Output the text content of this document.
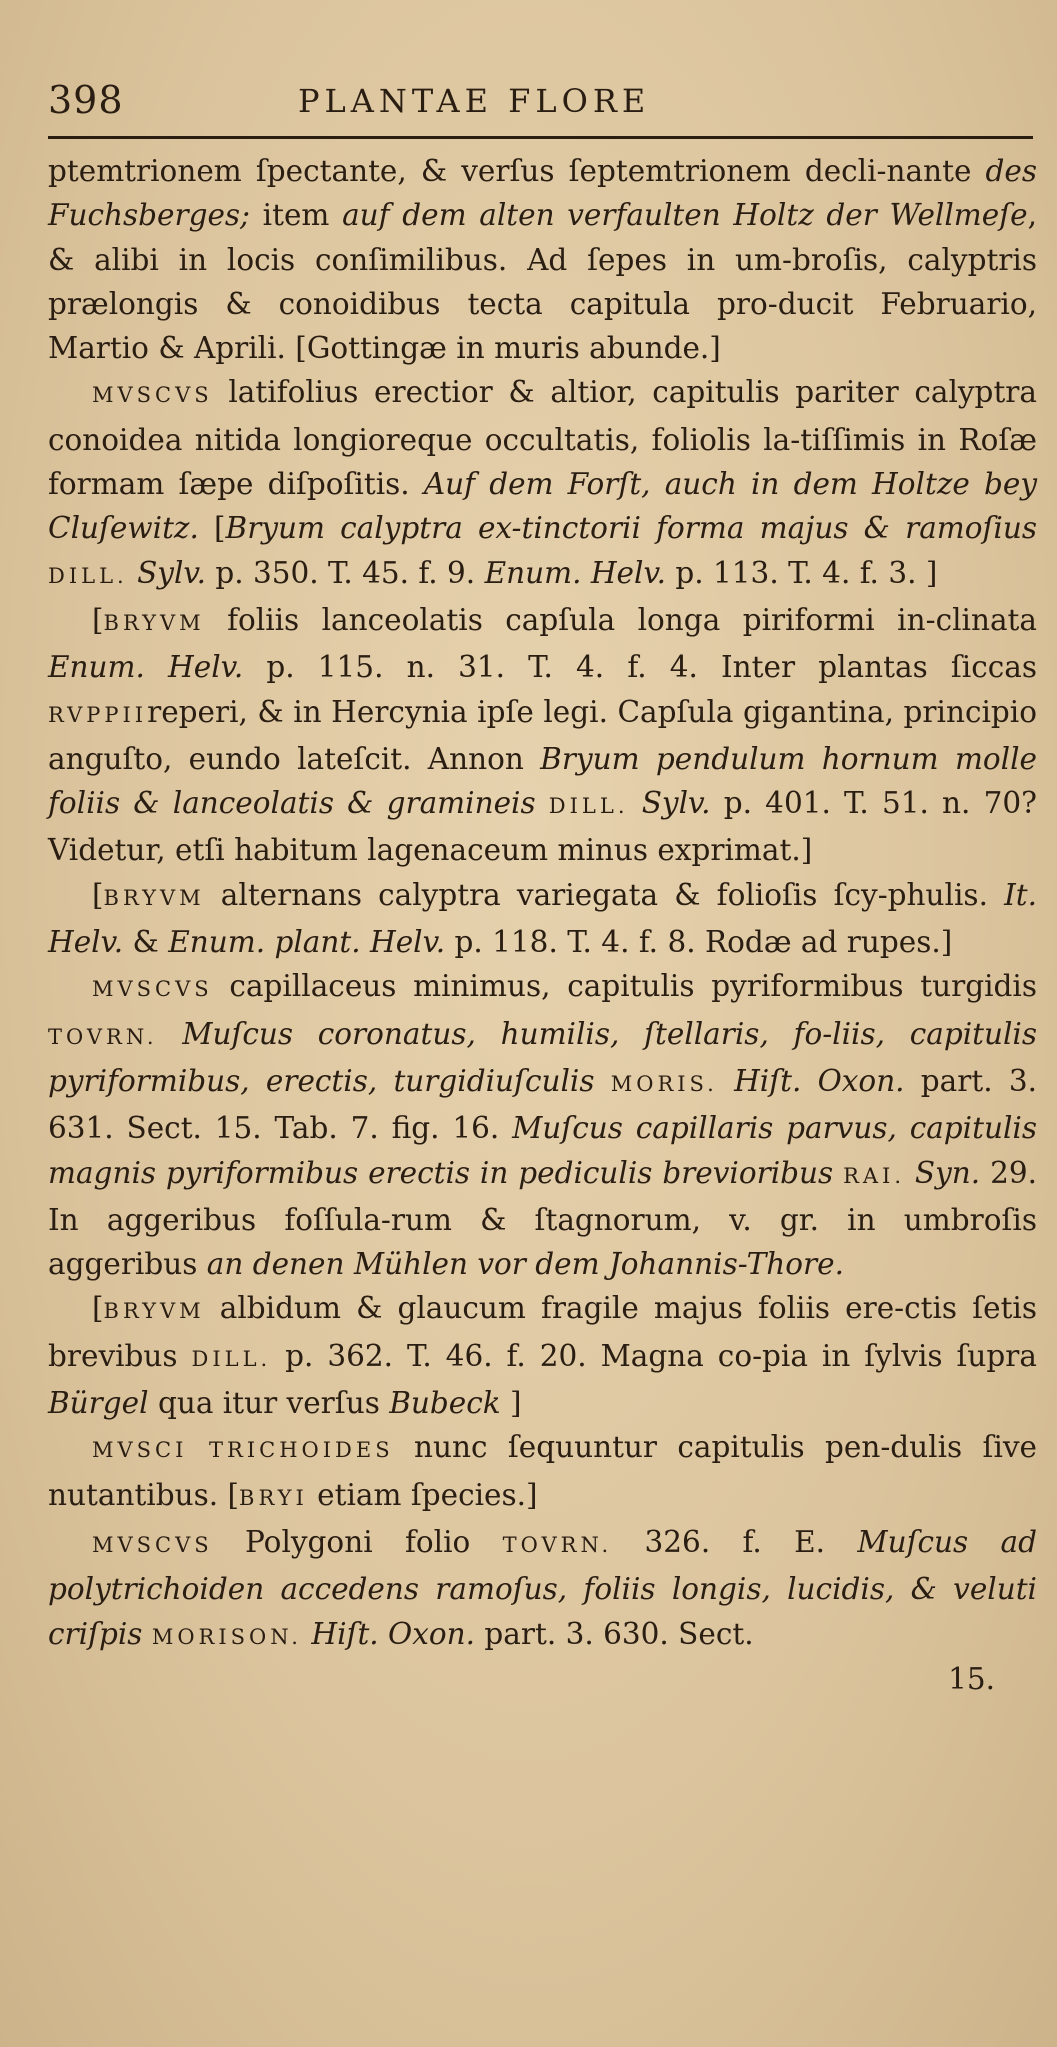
398	PLANTAE FLORE

ptemtrionem ſpectante, & verſus ſeptemtrionem decli-nante des Fuchsberges; item auf dem alten verfaulten Holtz der Wellmeſe, & alibi in locis conſimilibus. Ad ſepes in um-broſis, calyptris prælongis & conoidibus tecta capitula pro-ducit Februario, Martio & Aprili. [Gottingæ in muris abunde.]

MVSCVS latifolius erectior & altior, capitulis pariter calyptra conoidea nitida longioreque occultatis, foliolis la-tiſſimis in Roſæ formam ſæpe diſpoſitis. Auf dem Forſt, auch in dem Holtze bey Cluſewitz. [Bryum calyptra ex-tinctorii forma majus & ramoſius DILL. Sylv. p. 350. T. 45. f. 9. Enum. Helv. p. 113. T. 4. f. 3. ]

[BRYVM foliis lanceolatis capſula longa piriformi in-clinata Enum. Helv. p. 115. n. 31. T. 4. f. 4. Inter plantas ſiccas RVPPIIreperi, & in Hercynia ipſe legi. Capſula gigantina, principio anguſto, eundo lateſcit. Annon Bryum pendulum hornum molle foliis & lanceolatis & gramineis DILL. Sylv. p. 401. T. 51. n. 70? Videtur, etſi habitum lagenaceum minus exprimat.]

[BRYVM alternans calyptra variegata & folioſis ſcy-phulis. It. Helv. & Enum. plant. Helv. p. 118. T. 4. f. 8. Rodæ ad rupes.]

MVSCVS capillaceus minimus, capitulis pyriformibus turgidis TOVRN. Muſcus coronatus, humilis, ſtellaris, fo-liis, capitulis pyriformibus, erectis, turgidiuſculis MORIS. Hiſt. Oxon. part. 3. 631. Sect. 15. Tab. 7. fig. 16. Muſcus capillaris parvus, capitulis magnis pyriformibus erectis in pediculis brevioribus RAI. Syn. 29. In aggeribus foſſula-rum & ſtagnorum, v. gr. in umbroſis aggeribus an denen Mühlen vor dem Johannis-Thore.

[BRYVM albidum & glaucum fragile majus foliis ere-ctis ſetis brevibus DILL. p. 362. T. 46. f. 20. Magna co-pia in ſylvis ſupra Bürgel qua itur verſus Bubeck ]

MVSCI TRICHOIDES nunc ſequuntur capitulis pen-dulis ſive nutantibus. [BRYI etiam ſpecies.]

MVSCVS Polygoni folio TOVRN. 326. f. E. Muſcus ad polytrichoiden accedens ramoſus, foliis longis, lucidis, & veluti criſpis MORISON. Hiſt. Oxon. part. 3. 630. Sect.

15.
